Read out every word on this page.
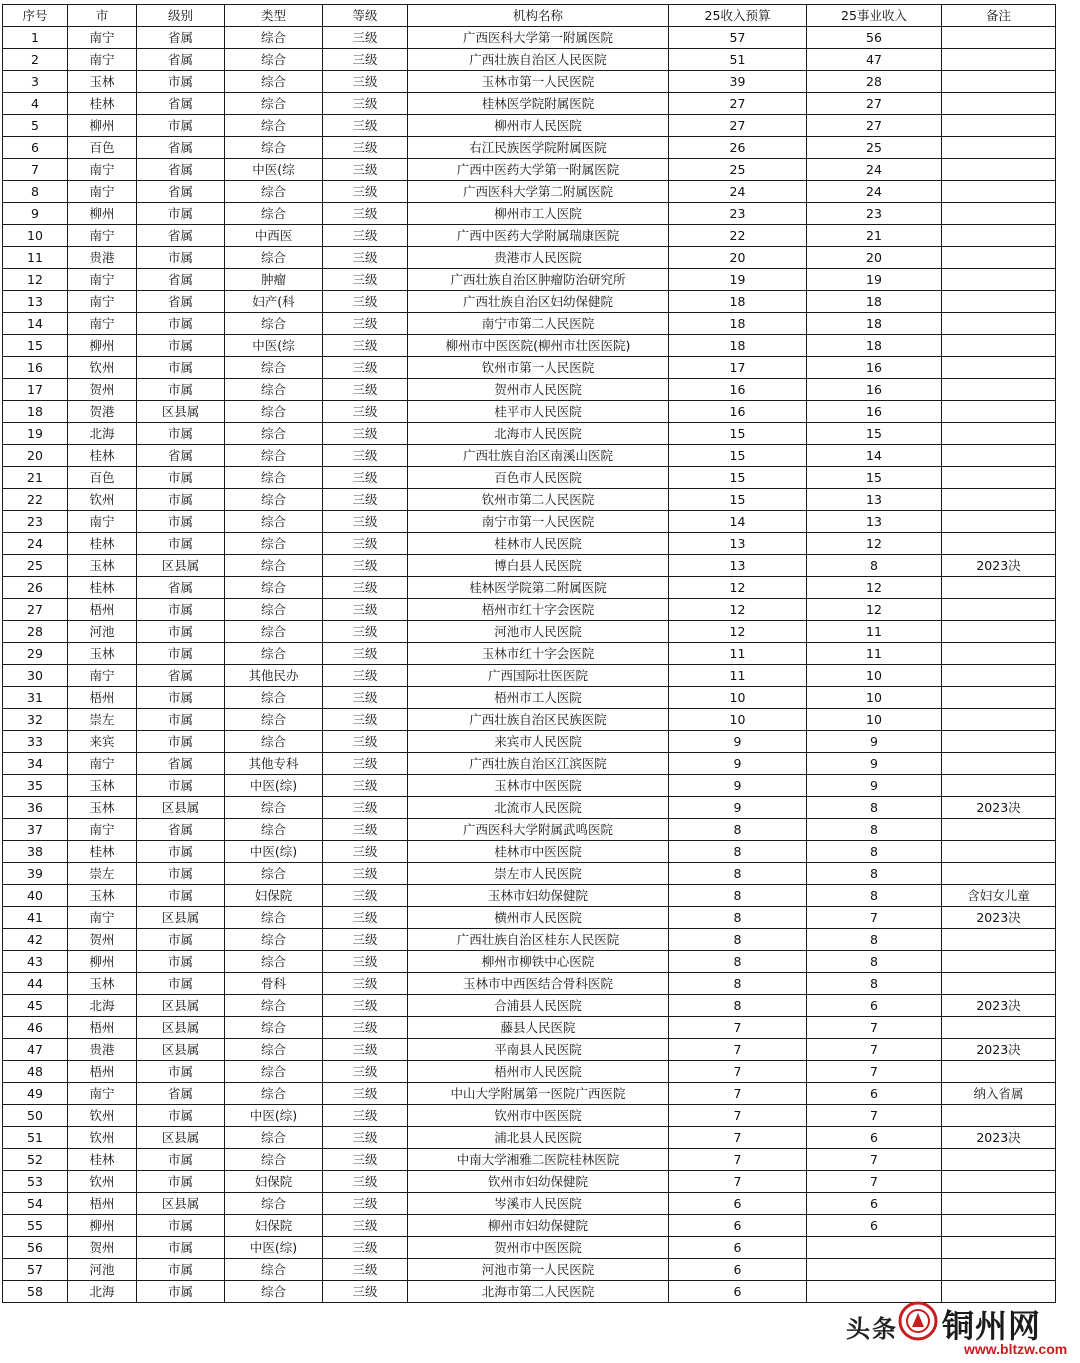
序号	市	级别	类型	等级	机构名称	25收入预算	25事业收入	备注
1	南宁	省属	综合	三级	广西医科大学第一附属医院	57	56	
2	南宁	省属	综合	三级	广西壮族自治区人民医院	51	47	
3	玉林	市属	综合	三级	玉林市第一人民医院	39	28	
4	桂林	省属	综合	三级	桂林医学院附属医院	27	27	
5	柳州	市属	综合	三级	柳州市人民医院	27	27	
6	百色	省属	综合	三级	右江民族医学院附属医院	26	25	
7	南宁	省属	中医(综	三级	广西中医药大学第一附属医院	25	24	
8	南宁	省属	综合	三级	广西医科大学第二附属医院	24	24	
9	柳州	市属	综合	三级	柳州市工人医院	23	23	
10	南宁	省属	中西医	三级	广西中医药大学附属瑞康医院	22	21	
11	贵港	市属	综合	三级	贵港市人民医院	20	20	
12	南宁	省属	肿瘤	三级	广西壮族自治区肿瘤防治研究所	19	19	
13	南宁	省属	妇产(科	三级	广西壮族自治区妇幼保健院	18	18	
14	南宁	市属	综合	三级	南宁市第二人民医院	18	18	
15	柳州	市属	中医(综	三级	柳州市中医医院(柳州市壮医医院)	18	18	
16	钦州	市属	综合	三级	钦州市第一人民医院	17	16	
17	贺州	市属	综合	三级	贺州市人民医院	16	16	
18	贺港	区县属	综合	三级	桂平市人民医院	16	16	
19	北海	市属	综合	三级	北海市人民医院	15	15	
20	桂林	省属	综合	三级	广西壮族自治区南溪山医院	15	14	
21	百色	市属	综合	三级	百色市人民医院	15	15	
22	钦州	市属	综合	三级	钦州市第二人民医院	15	13	
23	南宁	市属	综合	三级	南宁市第一人民医院	14	13	
24	桂林	市属	综合	三级	桂林市人民医院	13	12	
25	玉林	区县属	综合	三级	博白县人民医院	13	8	2023决
26	桂林	省属	综合	三级	桂林医学院第二附属医院	12	12	
27	梧州	市属	综合	三级	梧州市红十字会医院	12	12	
28	河池	市属	综合	三级	河池市人民医院	12	11	
29	玉林	市属	综合	三级	玉林市红十字会医院	11	11	
30	南宁	省属	其他民办	三级	广西国际壮医医院	11	10	
31	梧州	市属	综合	三级	梧州市工人医院	10	10	
32	崇左	市属	综合	三级	广西壮族自治区民族医院	10	10	
33	来宾	市属	综合	三级	来宾市人民医院	9	9	
34	南宁	省属	其他专科	三级	广西壮族自治区江滨医院	9	9	
35	玉林	市属	中医(综)	三级	玉林市中医医院	9	9	
36	玉林	区县属	综合	三级	北流市人民医院	9	8	2023决
37	南宁	省属	综合	三级	广西医科大学附属武鸣医院	8	8	
38	桂林	市属	中医(综)	三级	桂林市中医医院	8	8	
39	崇左	市属	综合	三级	崇左市人民医院	8	8	
40	玉林	市属	妇保院	三级	玉林市妇幼保健院	8	8	含妇女儿童
41	南宁	区县属	综合	三级	横州市人民医院	8	7	2023决
42	贺州	市属	综合	三级	广西壮族自治区桂东人民医院	8	8	
43	柳州	市属	综合	三级	柳州市柳铁中心医院	8	8	
44	玉林	市属	骨科	三级	玉林市中西医结合骨科医院	8	8	
45	北海	区县属	综合	三级	合浦县人民医院	8	6	2023决
46	梧州	区县属	综合	三级	藤县人民医院	7	7	
47	贵港	区县属	综合	三级	平南县人民医院	7	7	2023决
48	梧州	市属	综合	三级	梧州市人民医院	7	7	
49	南宁	省属	综合	三级	中山大学附属第一医院广西医院	7	6	纳入省属
50	钦州	市属	中医(综)	三级	钦州市中医医院	7	7	
51	钦州	区县属	综合	三级	浦北县人民医院	7	6	2023决
52	桂林	市属	综合	三级	中南大学湘雅二医院桂林医院	7	7	
53	钦州	市属	妇保院	三级	钦州市妇幼保健院	7	7	
54	梧州	区县属	综合	三级	岑溪市人民医院	6	6	
55	柳州	市属	妇保院	三级	柳州市妇幼保健院	6	6	
56	贺州	市属	中医(综)	三级	贺州市中医医院	6		
57	河池	市属	综合	三级	河池市第一人民医院	6		
58	北海	市属	综合	三级	北海市第二人民医院	6		
头条 铜州网
www.bltzw.com
